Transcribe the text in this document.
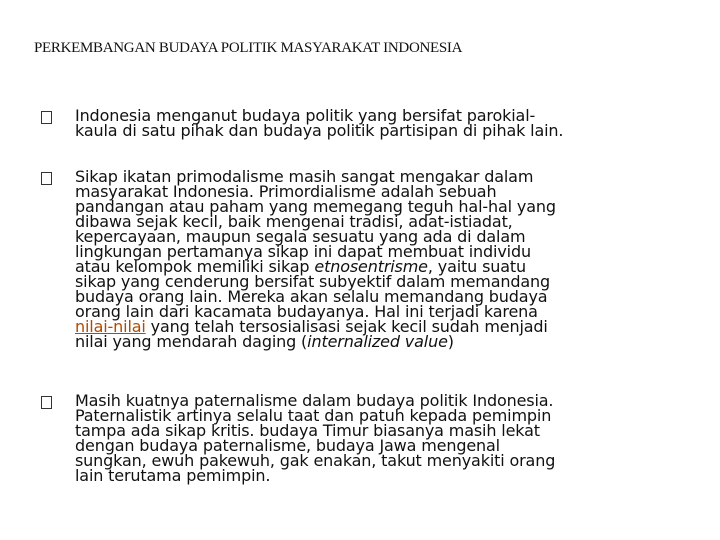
PERKEMBANGAN BUDAYA POLITIK MASYARAKAT INDONESIA

Indonesia menganut budaya politik yang bersifat parokial-
kaula di satu pihak dan budaya politik partisipan di pihak lain.

Sikap ikatan primodalisme masih sangat mengakar dalam
masyarakat Indonesia. Primordialisme adalah sebuah
pandangan atau paham yang memegang teguh hal-hal yang
dibawa sejak kecil, baik mengenai tradisi, adat-istiadat,
kepercayaan, maupun segala sesuatu yang ada di dalam
lingkungan pertamanya sikap ini dapat membuat individu
atau kelompok memiliki sikap etnosentrisme, yaitu suatu
sikap yang cenderung bersifat subyektif dalam memandang
budaya orang lain. Mereka akan selalu memandang budaya
orang lain dari kacamata budayanya. Hal ini terjadi karena
nilai-nilai yang telah tersosialisasi sejak kecil sudah menjadi
nilai yang mendarah daging (internalized value)

Masih kuatnya paternalisme dalam budaya politik Indonesia.
Paternalistik artinya selalu taat dan patuh kepada pemimpin
tampa ada sikap kritis. budaya Timur biasanya masih lekat
dengan budaya paternalisme, budaya Jawa mengenal
sungkan, ewuh pakewuh, gak enakan, takut menyakiti orang
lain terutama pemimpin.
